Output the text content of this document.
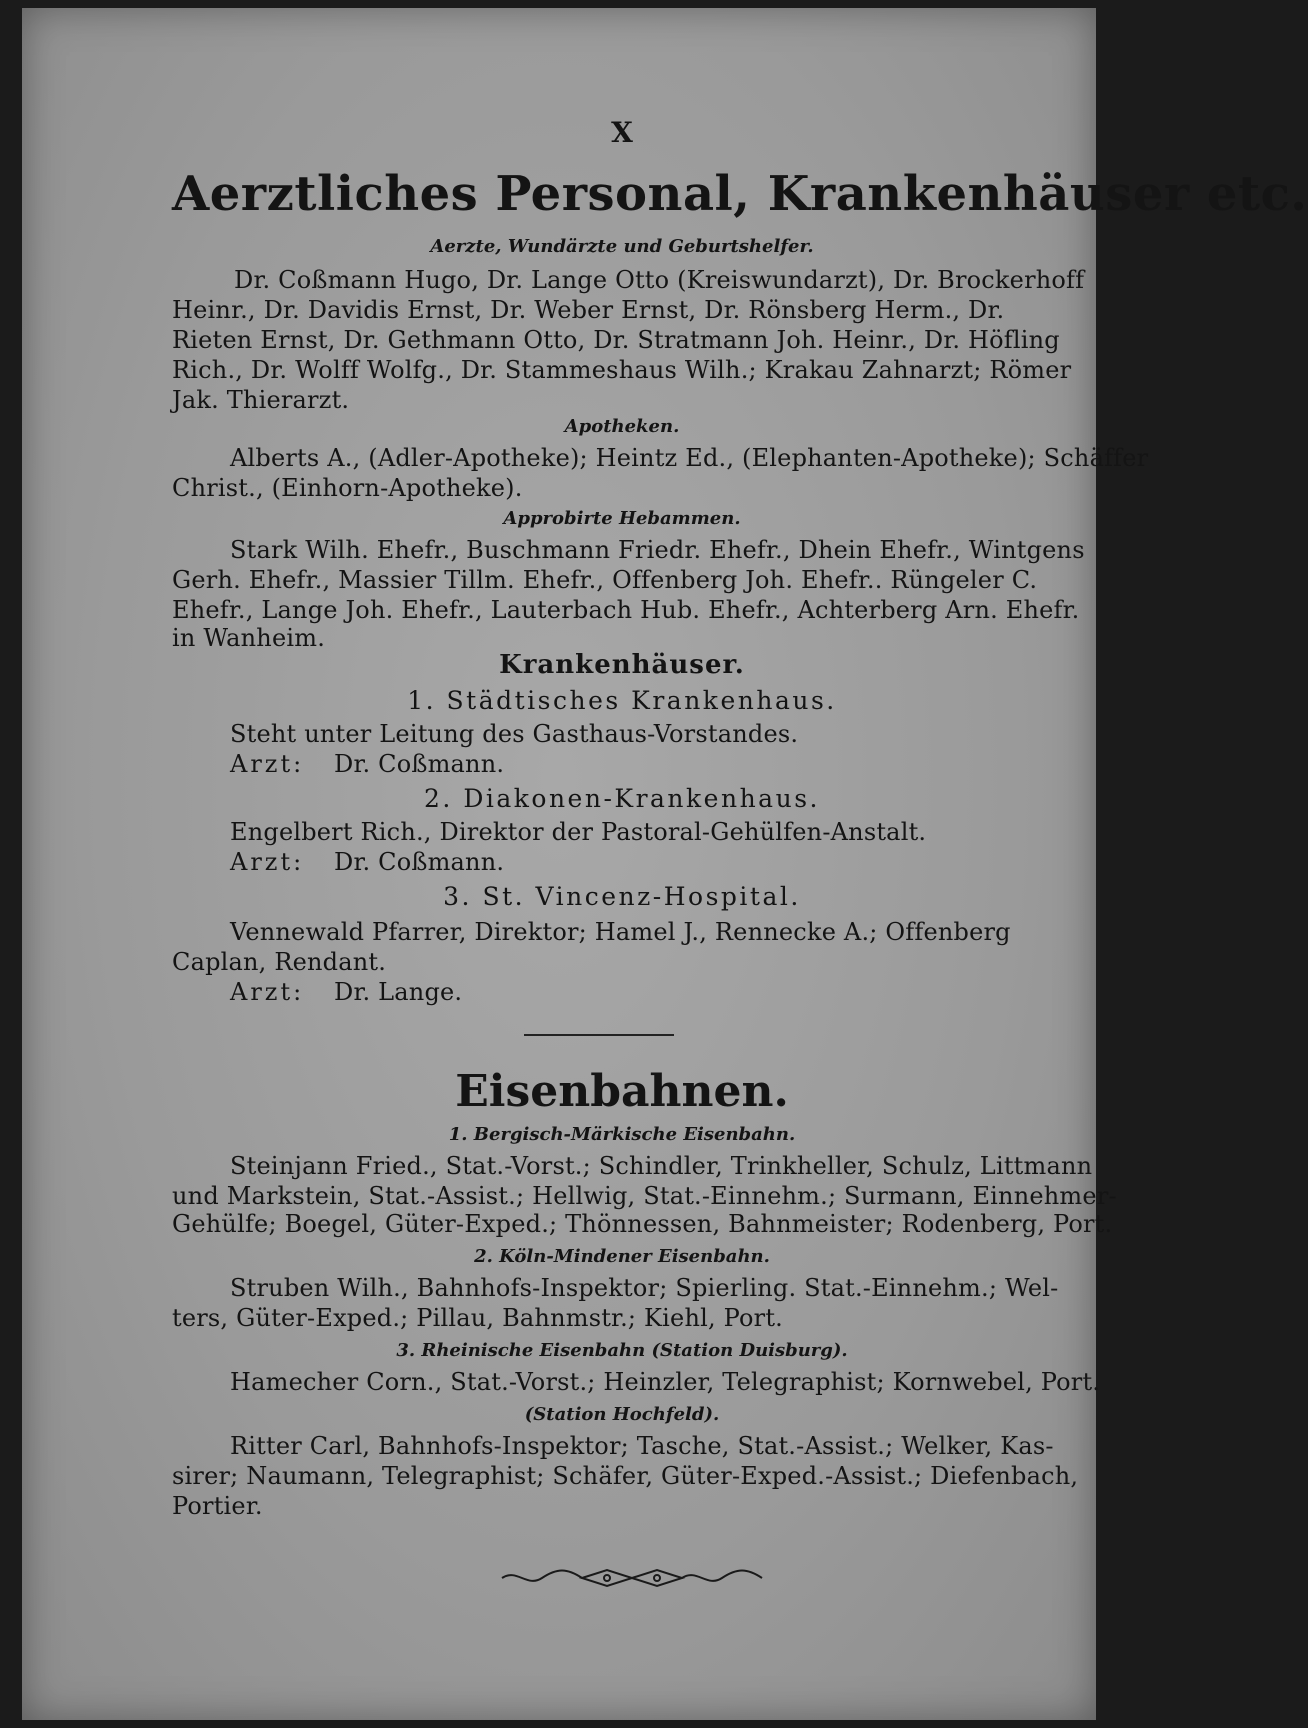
X
Aerztliches Personal, Krankenhäuser etc.
Aerzte, Wundärzte und Geburtshelfer.
Dr. Coßmann Hugo, Dr. Lange Otto (Kreiswundarzt), Dr. Brockerhoff
Heinr., Dr. Davidis Ernst, Dr. Weber Ernst, Dr. Rönsberg Herm., Dr.
Rieten Ernst, Dr. Gethmann Otto, Dr. Stratmann Joh. Heinr., Dr. Höfling
Rich., Dr. Wolff Wolfg., Dr. Stammeshaus Wilh.; Krakau Zahnarzt; Römer
Jak. Thierarzt.
Apotheken.
Alberts A., (Adler-Apotheke); Heintz Ed., (Elephanten-Apotheke); Schäffer
Christ., (Einhorn-Apotheke).
Approbirte Hebammen.
Stark Wilh. Ehefr., Buschmann Friedr. Ehefr., Dhein Ehefr., Wintgens
Gerh. Ehefr., Massier Tillm. Ehefr., Offenberg Joh. Ehefr.. Rüngeler C.
Ehefr., Lange Joh. Ehefr., Lauterbach Hub. Ehefr., Achterberg Arn. Ehefr.
in Wanheim.
Krankenhäuser.
1. Städtisches Krankenhaus.
Steht unter Leitung des Gasthaus-Vorstandes.
Arzt: Dr. Coßmann.
2. Diakonen-Krankenhaus.
Engelbert Rich., Direktor der Pastoral-Gehülfen-Anstalt.
Arzt: Dr. Coßmann.
3. St. Vincenz-Hospital.
Vennewald Pfarrer, Direktor; Hamel J., Rennecke A.; Offenberg
Caplan, Rendant.
Arzt: Dr. Lange.
Eisenbahnen.
1. Bergisch-Märkische Eisenbahn.
Steinjann Fried., Stat.-Vorst.; Schindler, Trinkheller, Schulz, Littmann
und Markstein, Stat.-Assist.; Hellwig, Stat.-Einnehm.; Surmann, Einnehmer-
Gehülfe; Boegel, Güter-Exped.; Thönnessen, Bahnmeister; Rodenberg, Port.
2. Köln-Mindener Eisenbahn.
Struben Wilh., Bahnhofs-Inspektor; Spierling. Stat.-Einnehm.; Wel-
ters, Güter-Exped.; Pillau, Bahnmstr.; Kiehl, Port.
3. Rheinische Eisenbahn (Station Duisburg).
Hamecher Corn., Stat.-Vorst.; Heinzler, Telegraphist; Kornwebel, Port.
(Station Hochfeld).
Ritter Carl, Bahnhofs-Inspektor; Tasche, Stat.-Assist.; Welker, Kas-
sirer; Naumann, Telegraphist; Schäfer, Güter-Exped.-Assist.; Diefenbach,
Portier.
